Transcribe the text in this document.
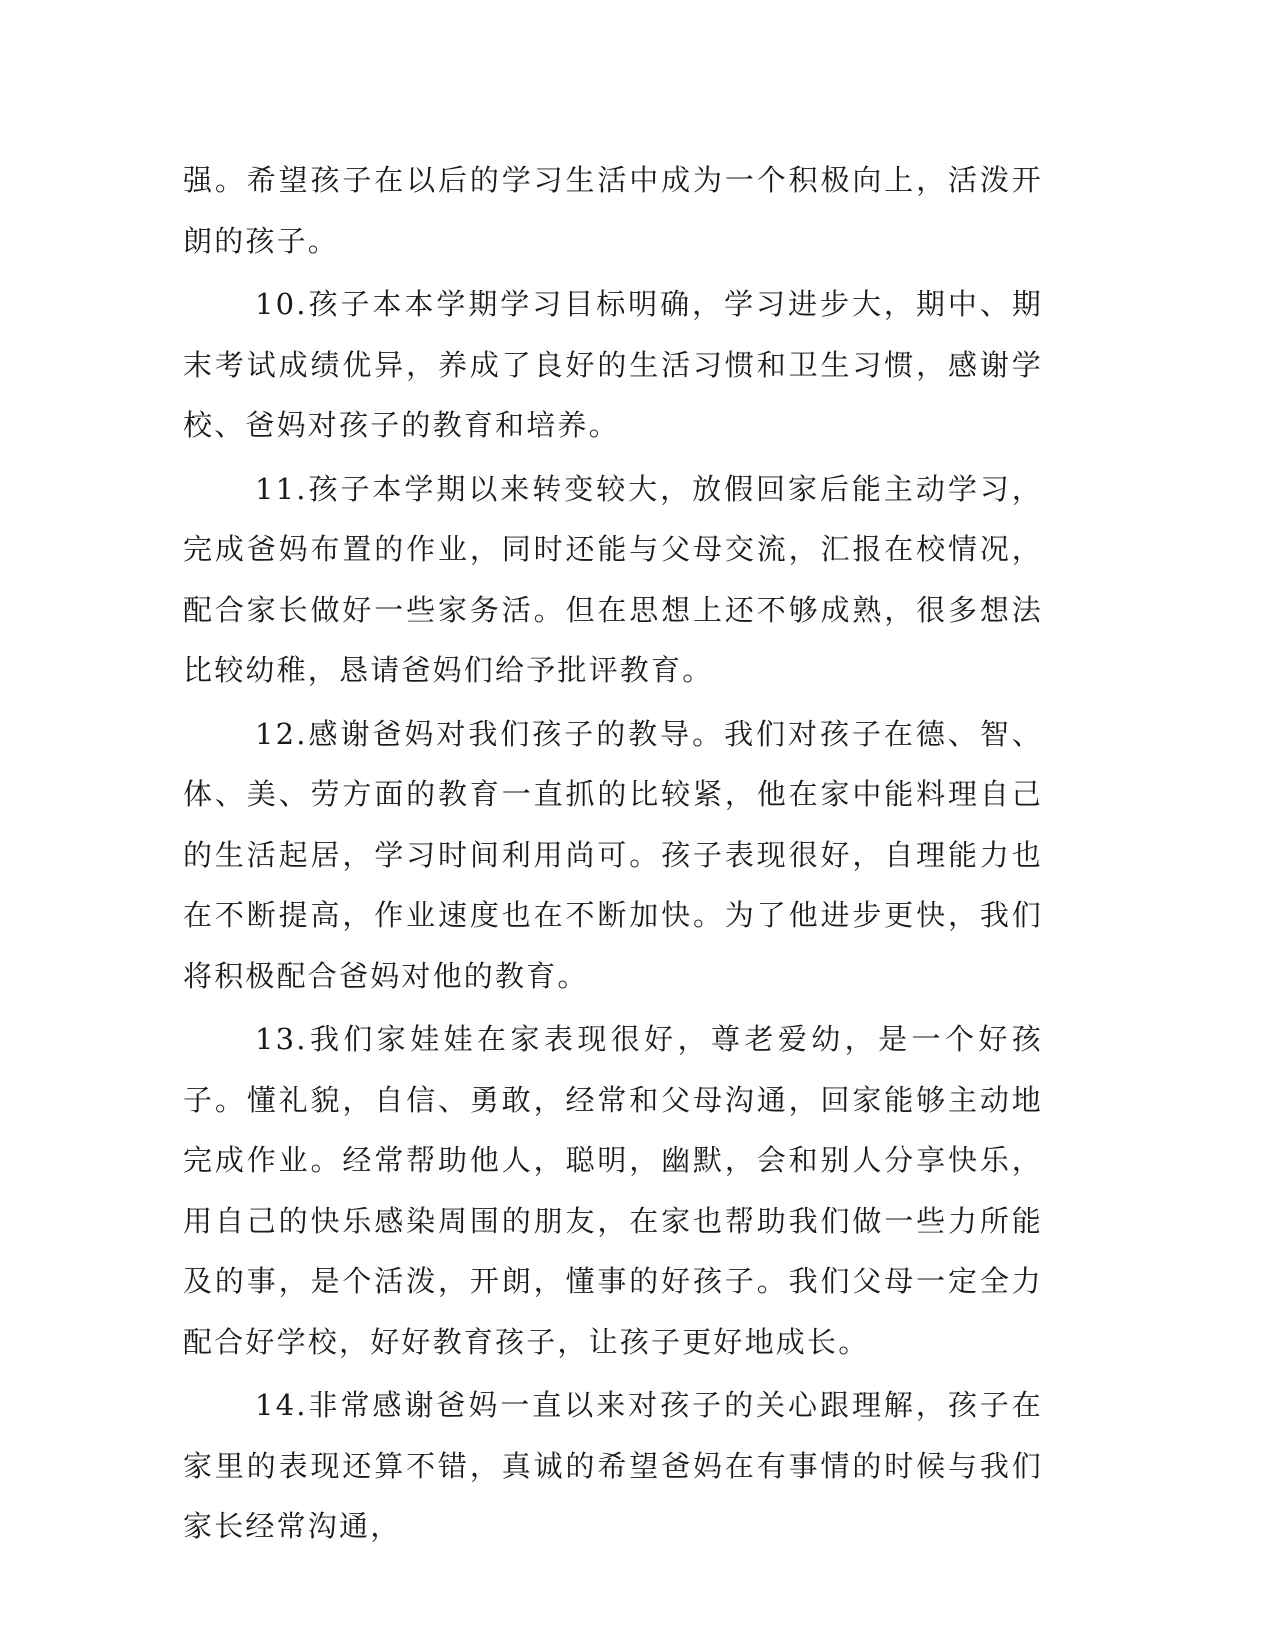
强。希望孩子在以后的学习生活中成为一个积极向上，活泼开朗的孩子。

10.孩子本本学期学习目标明确，学习进步大，期中、期末考试成绩优异，养成了良好的生活习惯和卫生习惯，感谢学校、爸妈对孩子的教育和培养。

11.孩子本学期以来转变较大，放假回家后能主动学习，完成爸妈布置的作业，同时还能与父母交流，汇报在校情况，配合家长做好一些家务活。但在思想上还不够成熟，很多想法比较幼稚，恳请爸妈们给予批评教育。

12.感谢爸妈对我们孩子的教导。我们对孩子在德、智、体、美、劳方面的教育一直抓的比较紧，他在家中能料理自己的生活起居，学习时间利用尚可。孩子表现很好，自理能力也在不断提高，作业速度也在不断加快。为了他进步更快，我们将积极配合爸妈对他的教育。

13.我们家娃娃在家表现很好，尊老爱幼，是一个好孩子。懂礼貌，自信、勇敢，经常和父母沟通，回家能够主动地完成作业。经常帮助他人，聪明，幽默，会和别人分享快乐，用自己的快乐感染周围的朋友，在家也帮助我们做一些力所能及的事，是个活泼，开朗，懂事的好孩子。我们父母一定全力配合好学校，好好教育孩子，让孩子更好地成长。

14.非常感谢爸妈一直以来对孩子的关心跟理解，孩子在家里的表现还算不错，真诚的希望爸妈在有事情的时候与我们家长经常沟通，
